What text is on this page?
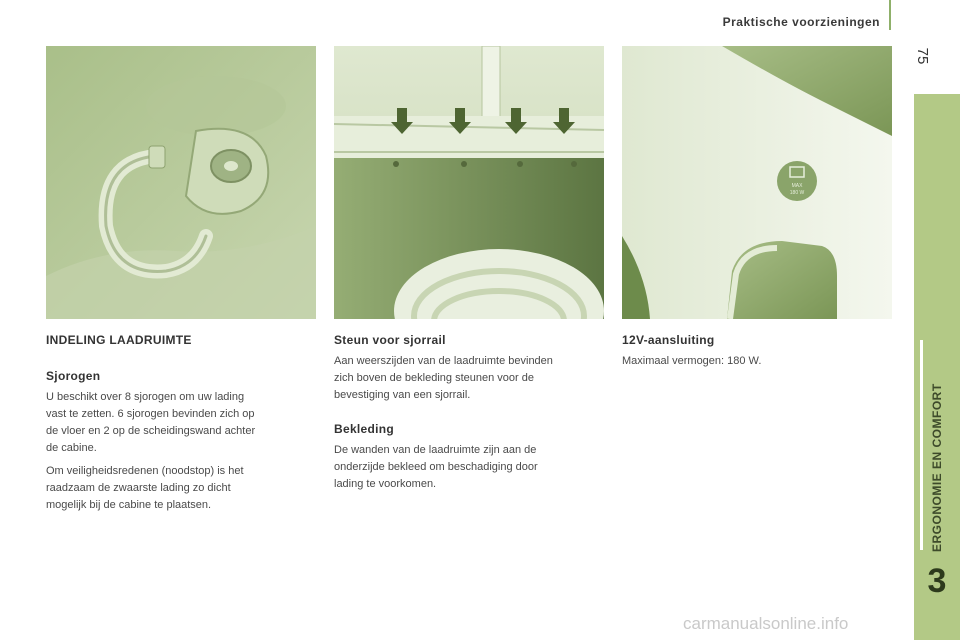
Praktische voorzieningen
75
ERGONOMIE EN COMFORT
3
MAX
180 W
INDELING LAADRUIMTE
Sjorogen
U beschikt over 8 sjorogen om uw lading
vast te zetten. 6 sjorogen bevinden zich op
de vloer en 2 op de scheidingswand achter
de cabine.
Om veiligheidsredenen (noodstop) is het
raadzaam de zwaarste lading zo dicht
mogelijk bij de cabine te plaatsen.
Steun voor sjorrail
Aan weerszijden van de laadruimte bevinden
zich boven de bekleding steunen voor de
bevestiging van een sjorrail.
Bekleding
De wanden van de laadruimte zijn aan de
onderzijde bekleed om beschadiging door
lading te voorkomen.
12V-aansluiting
Maximaal vermogen: 180 W.
carmanualsonline.info
